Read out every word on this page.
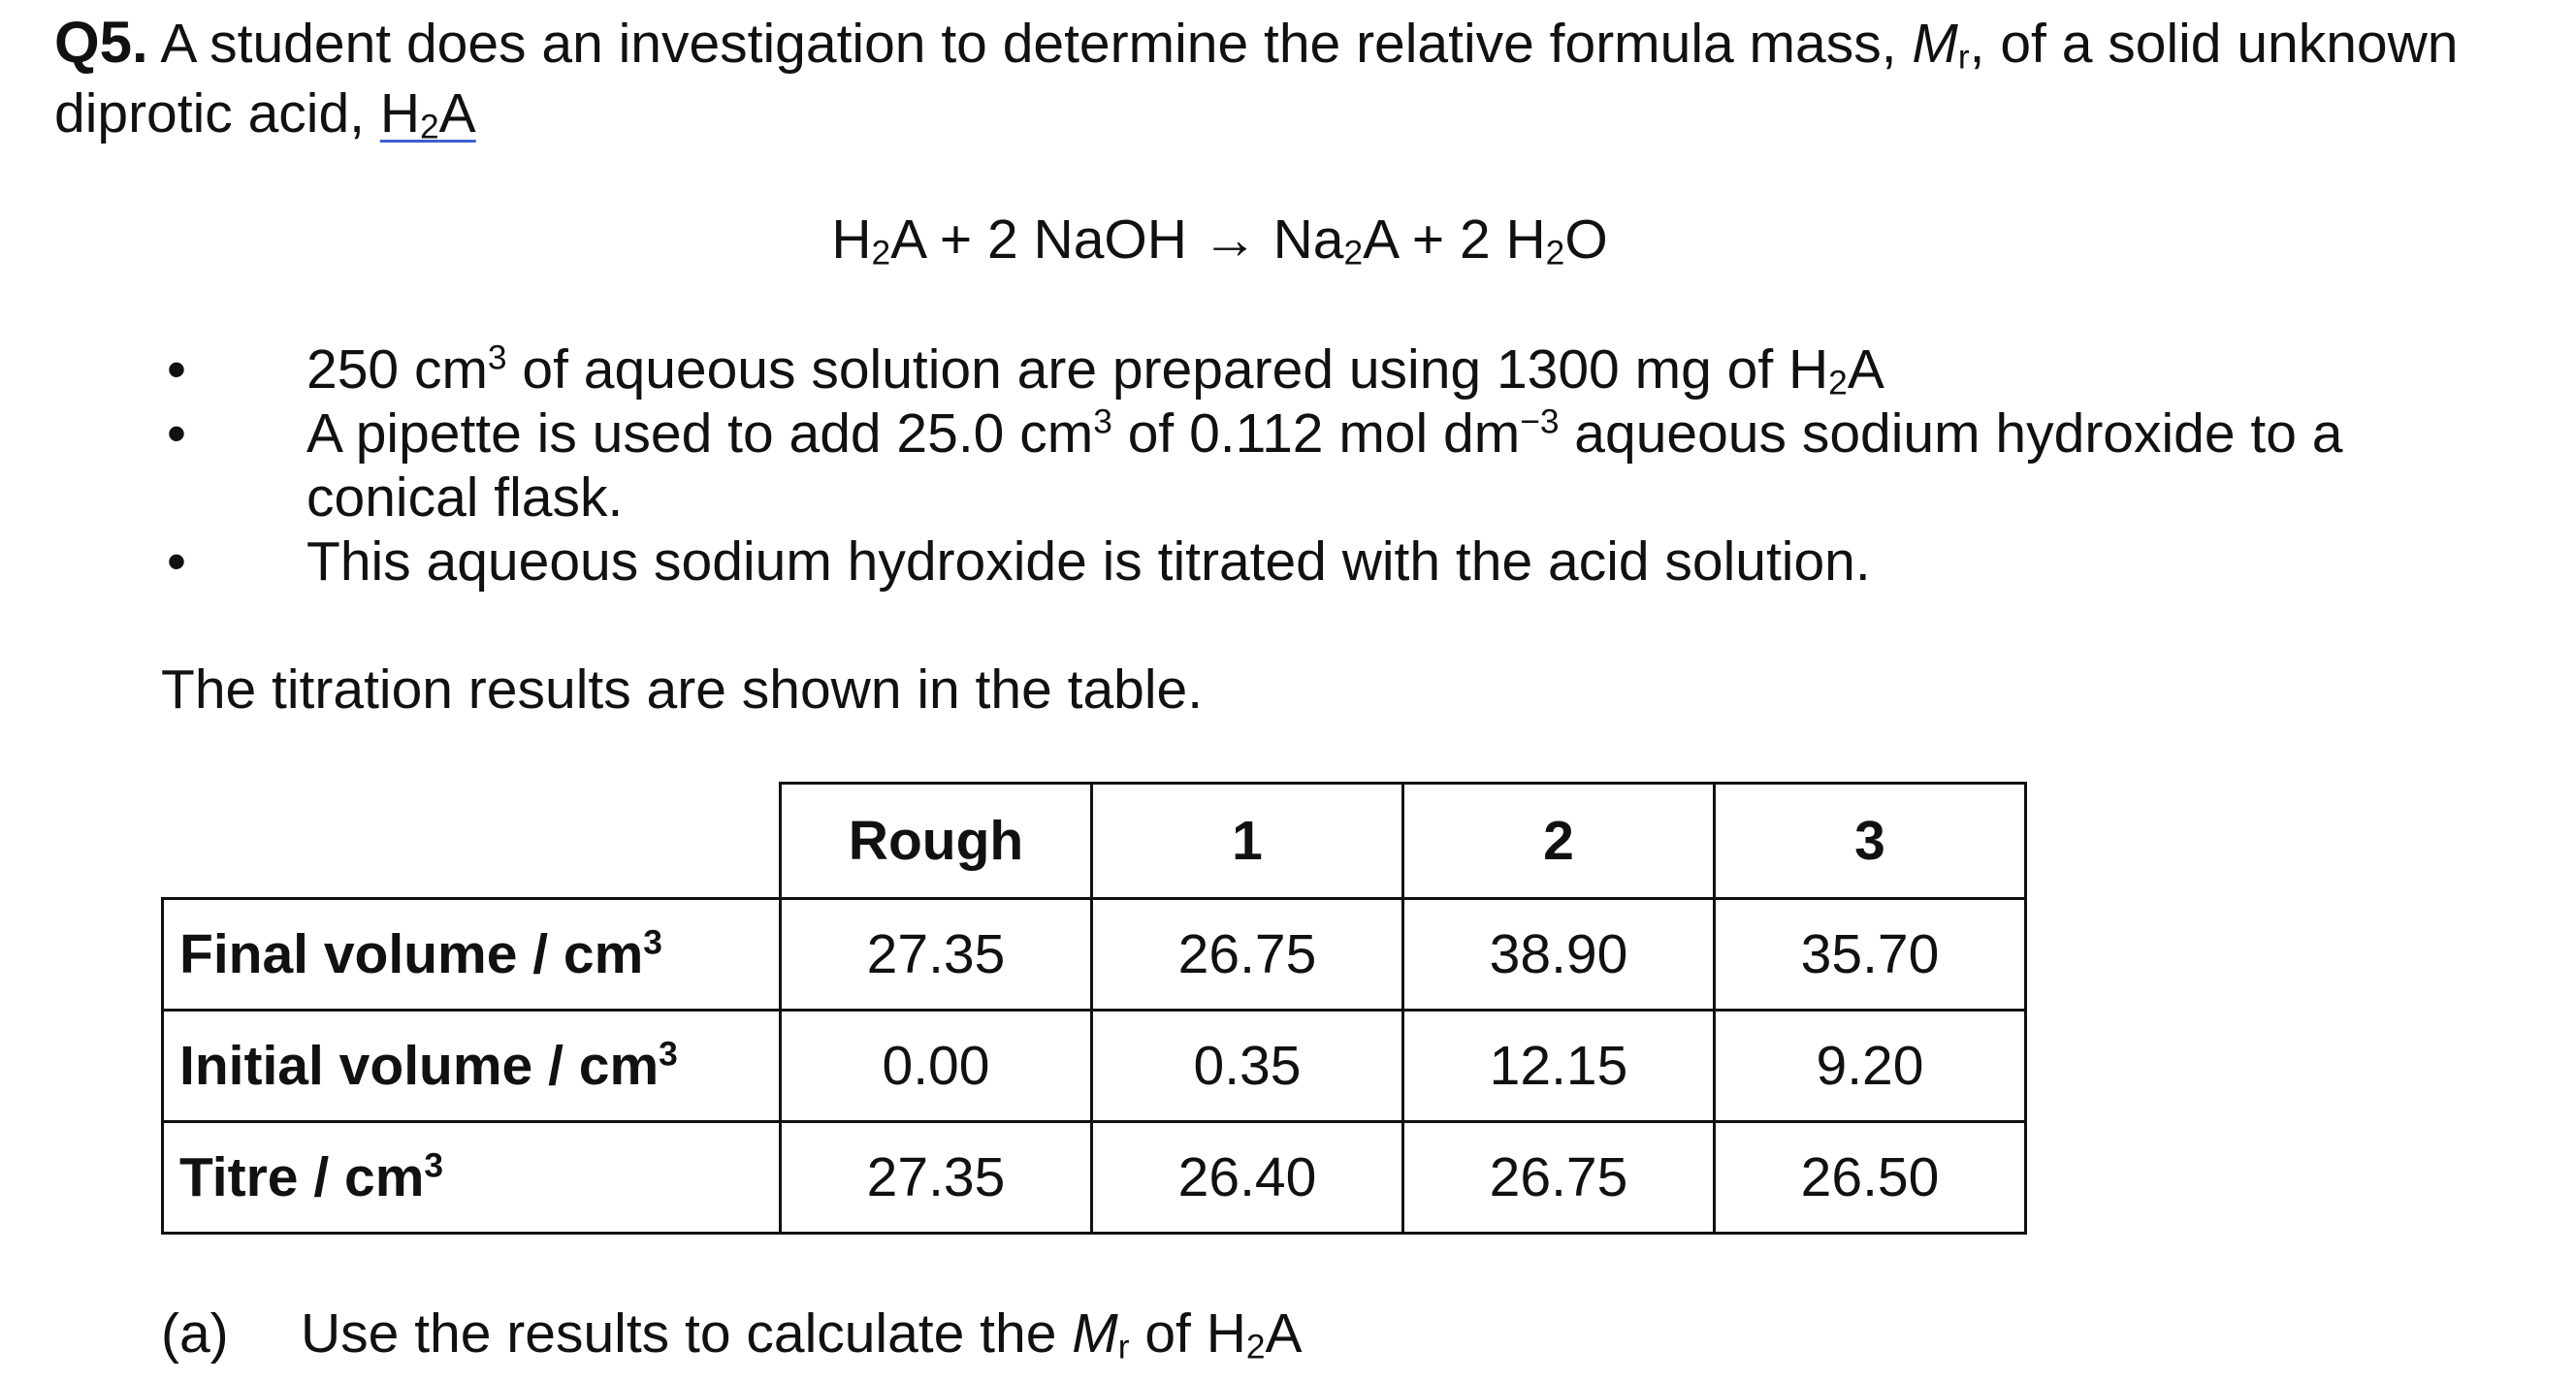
Q5. A student does an investigation to determine the relative formula mass, $M_r$, of a solid unknown
diprotic acid, $H_2A$
$H_2A + 2$ NaOH → $Na_2A + 2$ $H_2O$
• 250 $cm^3$ of aqueous solution are prepared using 1300 mg of $H_2A$
• A pipette is used to add 25.0 $cm^3$ of 0.112 mol $dm^{-3}$ aqueous sodium hydroxide to a
conical flask.
• This aqueous sodium hydroxide is titrated with the acid solution.
The titration results are shown in the table.
	Rough	1	2	3
Final volume / $cm^3$	27.35	26.75	38.90	35.70
Initial volume / $cm^3$	0.00	0.35	12.15	9.20
Titre / $cm^3$	27.35	26.40	26.75	26.50
(a) Use the results to calculate the $M_r$ of $H_2A$
